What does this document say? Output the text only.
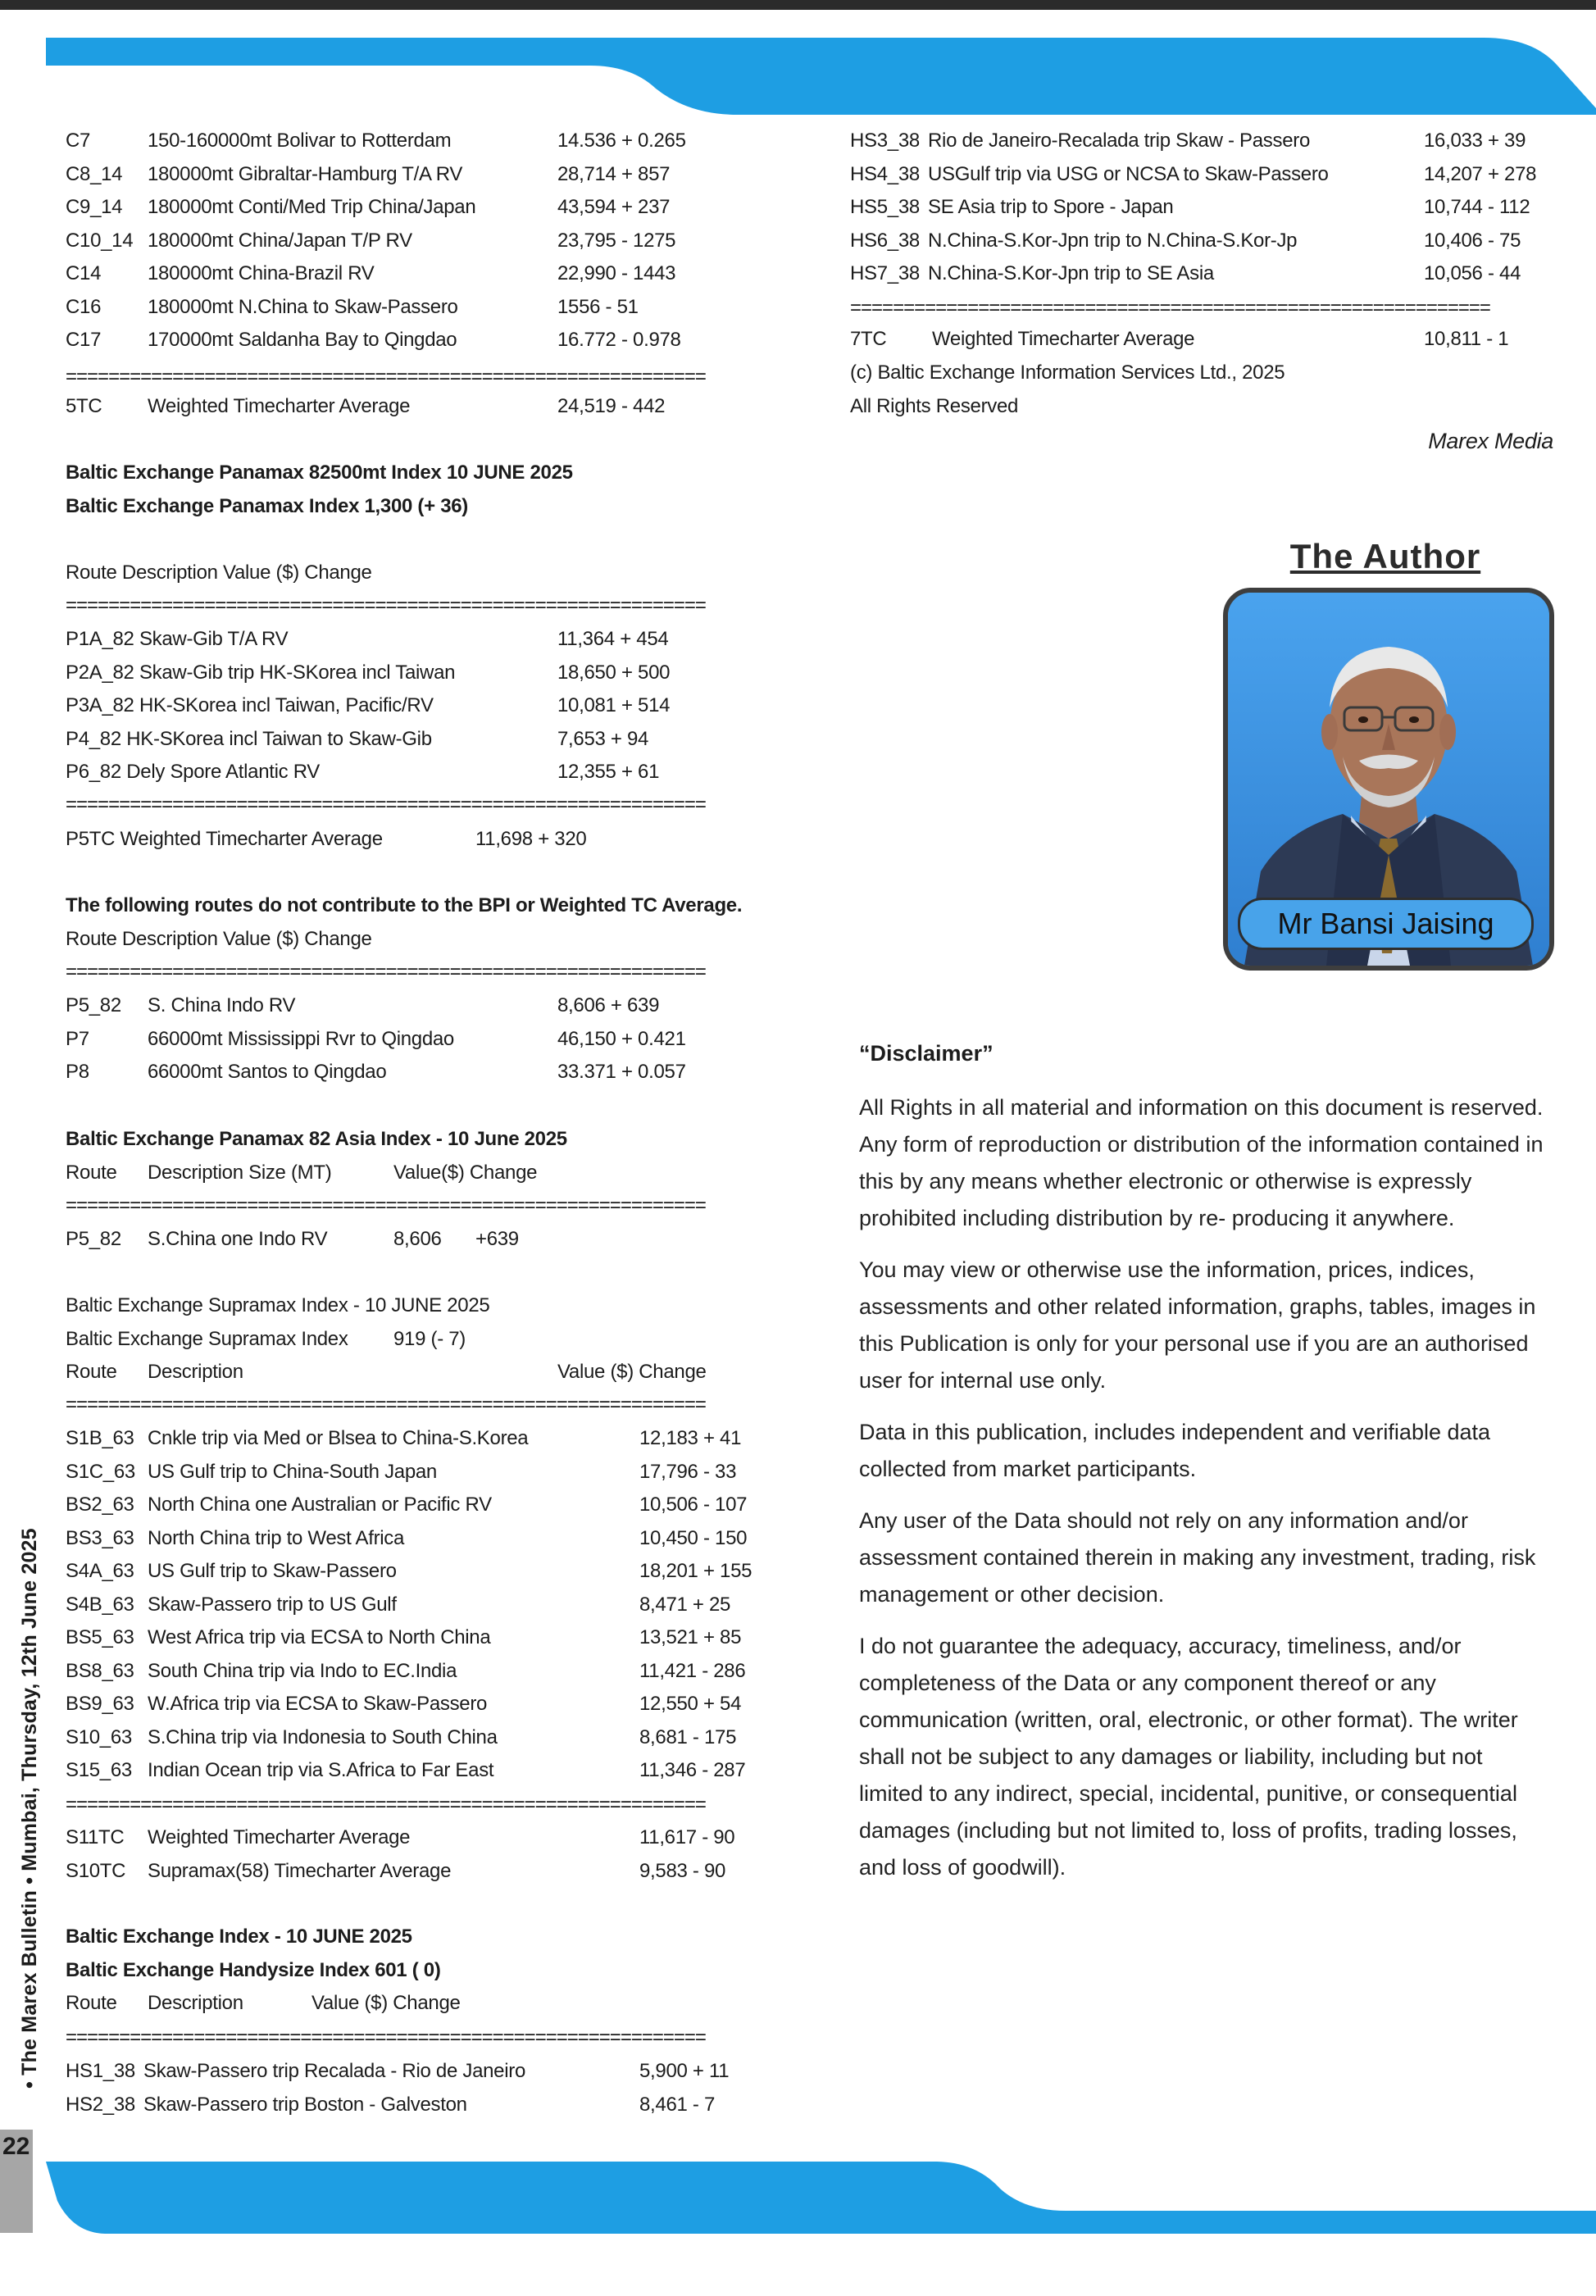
C7	150-160000mt Bolivar to Rotterdam	14.536 + 0.265
C8_14 180000mt Gibraltar-Hamburg T/A RV	28,714 + 857
C9_14 180000mt Conti/Med Trip China/Japan	43,594 + 237
C10_14 180000mt China/Japan T/P RV	23,795 - 1275
C14 180000mt China-Brazil RV	22,990 - 1443
C16 180000mt N.China to Skaw-Passero	1556 - 51
C17 170000mt Saldanha Bay to Qingdao	16.772 - 0.978
============================================================
5TC Weighted Timecharter Average	24,519 - 442
Baltic Exchange Panamax 82500mt Index 10 JUNE 2025
Baltic Exchange Panamax Index 1,300 (+ 36)
Route Description Value ($) Change
============================================================
P1A_82 Skaw-Gib T/A RV	11,364 + 454
P2A_82 Skaw-Gib trip HK-SKorea incl Taiwan	18,650 + 500
P3A_82 HK-SKorea incl Taiwan, Pacific/RV	10,081 + 514
P4_82 HK-SKorea incl Taiwan to Skaw-Gib	7,653 + 94
P6_82 Dely Spore Atlantic RV	12,355 + 61
============================================================
P5TC Weighted Timecharter Average	11,698 + 320
The following routes do not contribute to the BPI or Weighted TC Average.
Route Description Value ($) Change
============================================================
P5_82 S. China Indo RV	8,606 + 639
P7	66000mt Mississippi Rvr to Qingdao	46,150 + 0.421
P8	66000mt Santos to Qingdao	33.371 + 0.057
Baltic Exchange Panamax 82 Asia Index - 10 June 2025
Route Description Size (MT)	Value($) Change
============================================================
P5_82 S.China one Indo RV	8,606 +639
Baltic Exchange Supramax Index - 10 JUNE 2025
Baltic Exchange Supramax Index 919 (- 7)
Route Description	Value ($) Change
============================================================
S1B_63 Cnkle trip via Med or Blsea to China-S.Korea	12,183 + 41
S1C_63 US Gulf trip to China-South Japan	17,796 - 33
BS2_63 North China one Australian or Pacific RV	10,506 - 107
BS3_63 North China trip to West Africa	10,450 - 150
S4A_63 US Gulf trip to Skaw-Passero	18,201 + 155
S4B_63 Skaw-Passero trip to US Gulf	8,471 + 25
BS5_63 West Africa trip via ECSA to North China	13,521 + 85
BS8_63 South China trip via Indo to EC.India	11,421 - 286
BS9_63 W.Africa trip via ECSA to Skaw-Passero	12,550 + 54
S10_63 S.China trip via Indonesia to South China	8,681 - 175
S15_63 Indian Ocean trip via S.Africa to Far East	11,346 - 287
============================================================
S11TC Weighted Timecharter Average	11,617 - 90
S10TC Supramax(58) Timecharter Average	9,583 - 90
Baltic Exchange Index - 10 JUNE 2025
Baltic Exchange Handysize Index 601 ( 0)
Route Description	Value ($) Change
============================================================
HS1_38 Skaw-Passero trip Recalada - Rio de Janeiro	5,900 + 11
HS2_38 Skaw-Passero trip Boston - Galveston	8,461 - 7
HS3_38 Rio de Janeiro-Recalada trip Skaw - Passero	16,033 + 39
HS4_38 USGulf trip via USG or NCSA to Skaw-Passero	14,207 + 278
HS5_38 SE Asia trip to Spore - Japan	10,744 - 112
HS6_38 N.China-S.Kor-Jpn trip to N.China-S.Kor-Jp	10,406 - 75
HS7_38 N.China-S.Kor-Jpn trip to SE Asia	10,056 - 44
============================================================
7TC Weighted Timecharter Average	10,811 - 1
(c) Baltic Exchange Information Services Ltd., 2025
All Rights Reserved
Marex Media
The Author
Mr Bansi Jaising
“Disclaimer”

All Rights in all material and information on this document is reserved. Any form of reproduction or distribution of the information contained in this by any means whether electronic or otherwise is expressly prohibited including distribution by re- producing it anywhere.

You may view or otherwise use the information, prices, indices, assessments and other related information, graphs, tables, images in this Publication is only for your personal use if you are an authorised user for internal use only.

Data in this publication, includes independent and verifiable data collected from market participants.

Any user of the Data should not rely on any information and/or assessment contained therein in making any investment, trading, risk management or other decision.

I do not guarantee the adequacy, accuracy, timeliness, and/or completeness of the Data or any component thereof or any communication (written, oral, electronic, or other format). The writer shall not be subject to any damages or liability, including but not limited to any indirect, special, incidental, punitive, or consequential damages (including but not limited to, loss of profits, trading losses, and loss of goodwill).

• The Marex Bulletin • Mumbai, Thursday, 12th June 2025
22
